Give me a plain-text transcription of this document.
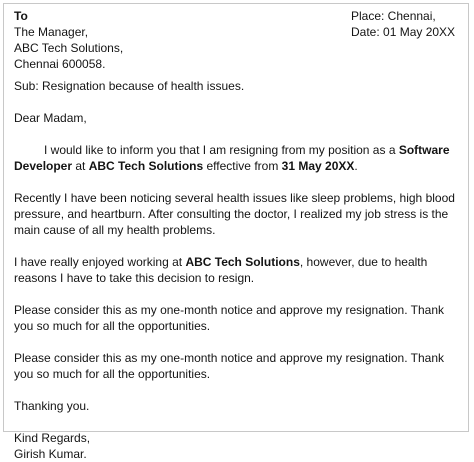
To
The Manager,
ABC Tech Solutions,
Chennai 600058.
Place: Chennai,
Date: 01 May 20XX

Sub: Resignation because of health issues.

Dear Madam,

I would like to inform you that I am resigning from my position as a Software Developer at ABC Tech Solutions effective from 31 May 20XX.

Recently I have been noticing several health issues like sleep problems, high blood pressure, and heartburn. After consulting the doctor, I realized my job stress is the main cause of all my health problems.

I have really enjoyed working at ABC Tech Solutions, however, due to health reasons I have to take this decision to resign.

Please consider this as my one-month notice and approve my resignation. Thank you so much for all the opportunities.

Please consider this as my one-month notice and approve my resignation. Thank you so much for all the opportunities.

Thanking you.

Kind Regards,
Girish Kumar.
